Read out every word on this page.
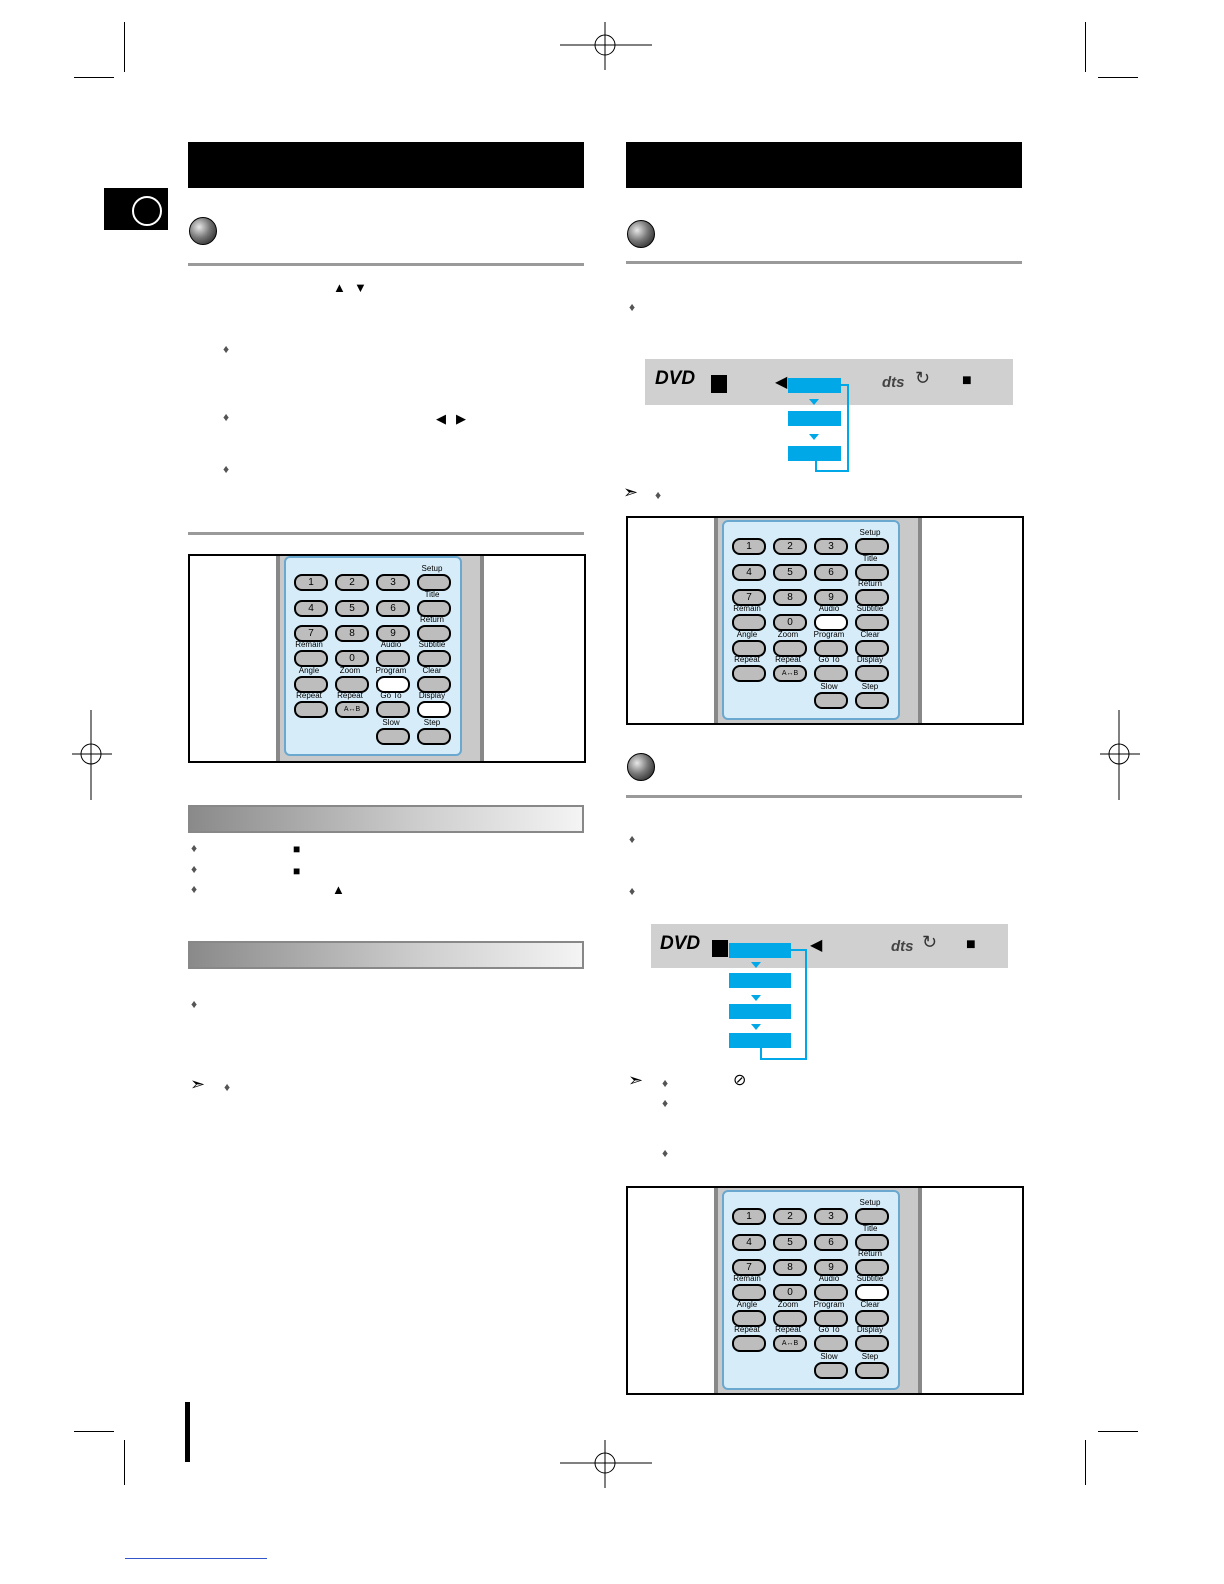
▲ ▼
♦
♦	◀ ▶
♦
1	2	3
Setup
4	5	6
Title
7	8	9
Return
Remain
0
Audio	Subtitle
Angle	Zoom	Program	Clear
Repeat	Repeat
A↔B
Go To	Display
Slow	Step
♦	■
♦	■
♦	▲
♦
➣ ♦
♦
DVD	◀	dts ↻ ■
➣ ♦
1	2	3
Setup
4	5	6
Title
7	8	9
Return
Remain
0
Audio	Subtitle
Angle	Zoom	Program	Clear
Repeat	Repeat
A↔B
Go To	Display
Slow	Step
♦
♦
DVD	◀	dts ↻ ■
➣ ♦	⊘
♦
♦
1	2	3
Setup
4	5	6
Title
7	8	9
Return
Remain
0
Audio	Subtitle
Angle	Zoom	Program	Clear
Repeat	Repeat
A↔B
Go To	Display
Slow	Step
